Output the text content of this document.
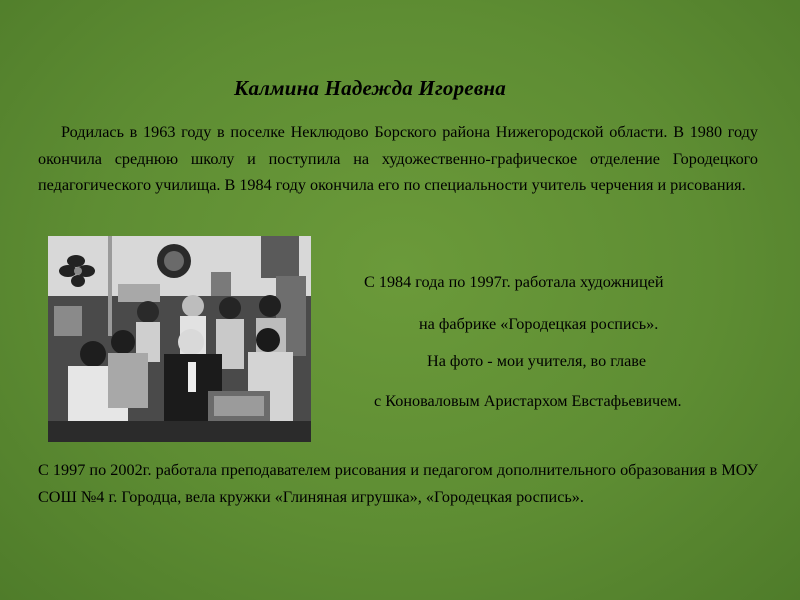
Калмина Надежда Игоревна
Родилась в 1963 году в поселке Неклюдово Борского района Нижегородской области. В 1980 году окончила среднюю школу и поступила на художественно-графическое отделение Городецкого педагогического училища. В 1984 году окончила его по специальности учитель черчения и рисования.
С 1984 года по 1997г. работала художницей
на фабрике «Городецкая роспись».
На фото - мои учителя, во главе
с Коноваловым Аристархом Евстафьевичем.
С 1997 по 2002г. работала преподавателем рисования и педагогом дополнительного образования в МОУ СОШ №4 г. Городца, вела кружки «Глиняная игрушка», «Городецкая роспись».
